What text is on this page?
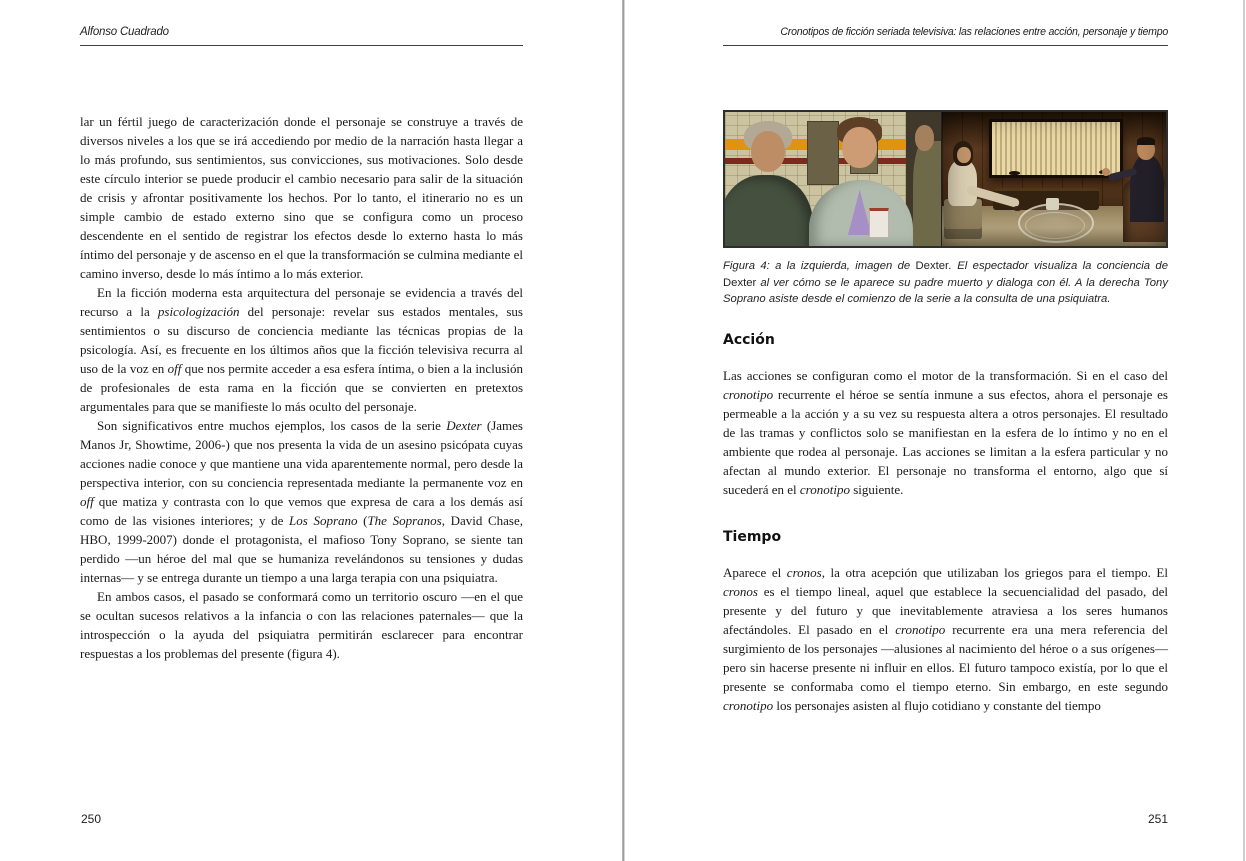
Alfonso Cuadrado

lar un fértil juego de caracterización donde el personaje se construye a través de diversos niveles a los que se irá accediendo por medio de la narración hasta llegar a lo más profundo, sus sentimientos, sus convicciones, sus motivaciones. Solo desde este círculo interior se puede producir el cambio necesario para salir de la situación de crisis y afrontar positivamente los hechos. Por lo tanto, el itinerario no es un simple cambio de estado externo sino que se configura como un proceso descendente en el sentido de registrar los efectos desde lo externo hasta lo más íntimo del personaje y de ascenso en el que la transformación se culmina mediante el camino inverso, desde lo más íntimo a lo más exterior.

En la ficción moderna esta arquitectura del personaje se evidencia a través del recurso a la psicologización del personaje: revelar sus estados mentales, sus sentimientos o su discurso de conciencia mediante las técnicas propias de la psicología. Así, es frecuente en los últimos años que la ficción televisiva recurra al uso de la voz en off que nos permite acceder a esa esfera íntima, o bien a la inclusión de profesionales de esta rama en la ficción que se convierten en pretextos argumentales para que se manifieste lo más oculto del personaje.

Son significativos entre muchos ejemplos, los casos de la serie Dexter (James Manos Jr, Showtime, 2006-) que nos presenta la vida de un asesino psicópata cuyas acciones nadie conoce y que mantiene una vida aparentemente normal, pero desde la perspectiva interior, con su conciencia representada mediante la permanente voz en off que matiza y contrasta con lo que vemos que expresa de cara a los demás así como de las visiones interiores; y de Los Soprano (The Sopranos, David Chase, HBO, 1999-2007) donde el protagonista, el mafioso Tony Soprano, se siente tan perdido —un héroe del mal que se humaniza revelándonos su tensiones y dudas internas— y se entrega durante un tiempo a una larga terapia con una psiquiatra.

En ambos casos, el pasado se conformará como un territorio oscuro —en el que se ocultan sucesos relativos a la infancia o con las relaciones paternales— que la introspección o la ayuda del psiquiatra permitirán esclarecer para encontrar respuestas a los problemas del presente (figura 4).

250
Cronotipos de ficción seriada televisiva: las relaciones entre acción, personaje y tiempo
Figura 4: a la izquierda, imagen de Dexter. El espectador visualiza la conciencia de Dexter al ver cómo se le aparece su padre muerto y dialoga con él. A la derecha Tony Soprano asiste desde el comienzo de la serie a la consulta de una psiquiatra.
Acción

Las acciones se configuran como el motor de la transformación. Si en el caso del cronotipo recurrente el héroe se sentía inmune a sus efectos, ahora el personaje es permeable a la acción y a su vez su respuesta altera a otros personajes. El resultado de las tramas y conflictos solo se manifiestan en la esfera de lo íntimo y no en el ambiente que rodea al personaje. Las acciones se limitan a la esfera particular y no afectan al mundo exterior. El personaje no transforma el entorno, algo que sí sucederá en el cronotipo siguiente.

Tiempo

Aparece el cronos, la otra acepción que utilizaban los griegos para el tiempo. El cronos es el tiempo lineal, aquel que establece la secuencialidad del pasado, del presente y del futuro y que inevitablemente atraviesa a los seres humanos afectándoles. El pasado en el cronotipo recurrente era una mera referencia del surgimiento de los personajes —alusiones al nacimiento del héroe o a sus orígenes— pero sin hacerse presente ni influir en ellos. El futuro tampoco existía, por lo que el presente se conformaba como el tiempo eterno. Sin embargo, en este segundo cronotipo los personajes asisten al flujo cotidiano y constante del tiempo

251
